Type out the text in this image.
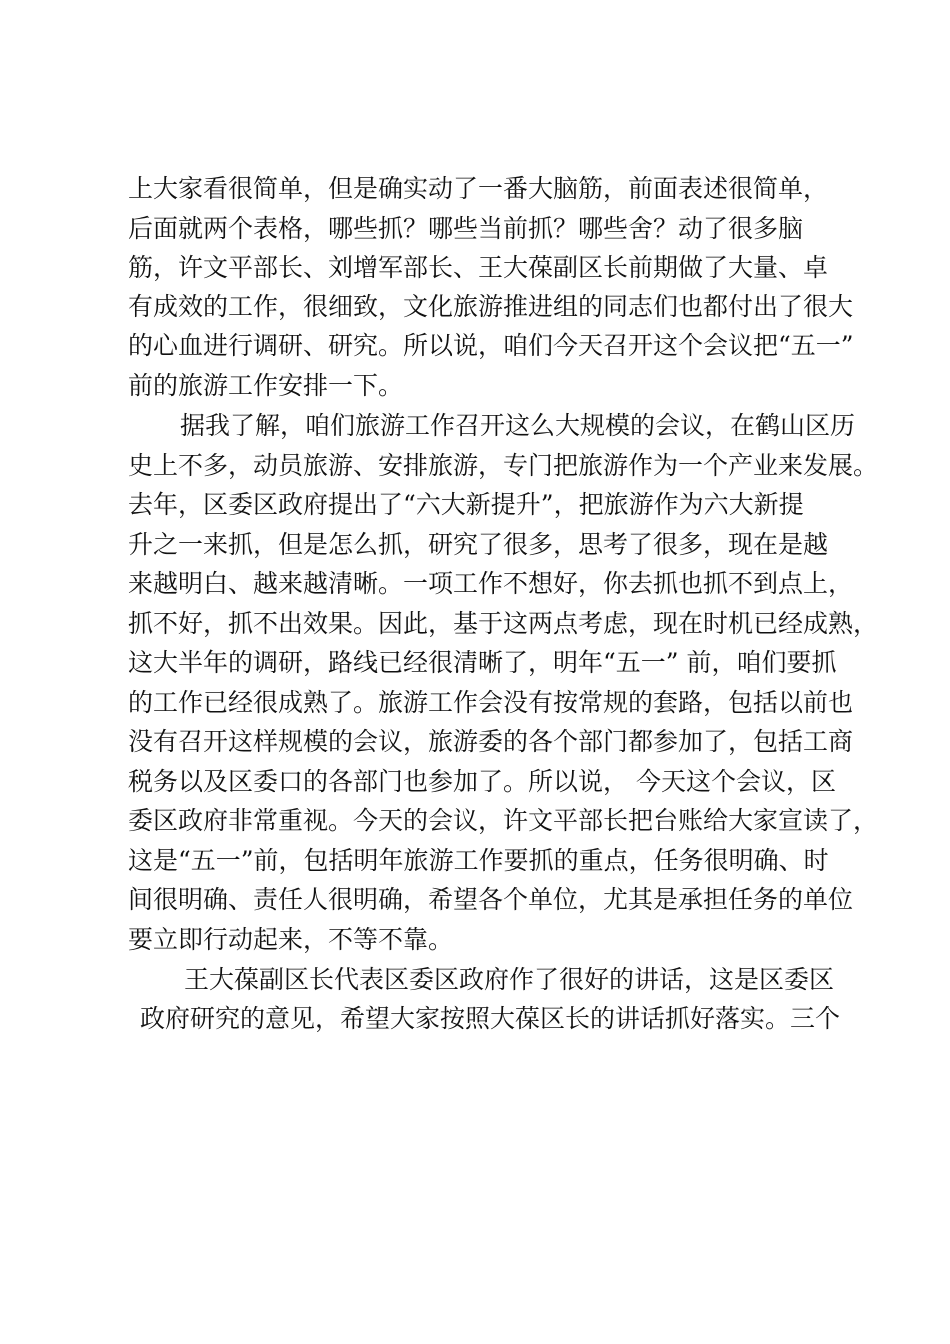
上大家看很简单，但是确实动了一番大脑筋，前面表述很简单，
后面就两个表格，哪些抓？哪些当前抓？哪些舍？动了很多脑
筋，许文平部长、刘增军部长、王大葆副区长前期做了大量、卓
有成效的工作，很细致，文化旅游推进组的同志们也都付出了很大
的心血进行调研、研究。所以说，咱们今天召开这个会议把“五一”
前的旅游工作安排一下。
据我了解，咱们旅游工作召开这么大规模的会议，在鹤山区历
史上不多，动员旅游、安排旅游，专门把旅游作为一个产业来发展。
去年，区委区政府提出了“六大新提升”，把旅游作为六大新提
升之一来抓，但是怎么抓，研究了很多，思考了很多，现在是越
来越明白、越来越清晰。一项工作不想好，你去抓也抓不到点上，
抓不好，抓不出效果。因此，基于这两点考虑，现在时机已经成熟，
这大半年的调研，路线已经很清晰了，明年“五一” 前，咱们要抓
的工作已经很成熟了。旅游工作会没有按常规的套路，包括以前也
没有召开这样规模的会议，旅游委的各个部门都参加了，包括工商
税务以及区委口的各部门也参加了。所以说， 今天这个会议，区
委区政府非常重视。今天的会议，许文平部长把台账给大家宣读了，
这是“五一”前，包括明年旅游工作要抓的重点，任务很明确、时
间很明确、责任人很明确，希望各个单位，尤其是承担任务的单位
要立即行动起来，不等不靠。
王大葆副区长代表区委区政府作了很好的讲话，这是区委区
政府研究的意见，希望大家按照大葆区长的讲话抓好落实。三个
